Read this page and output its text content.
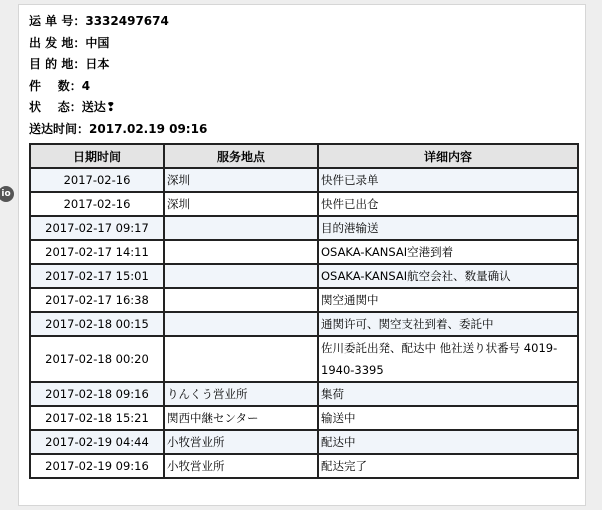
io
运 单 号：3332497674
出 发 地：中国
目 的 地：日本
件    数：4
状    态：送达❢
送达时间：2017.02.19 09:16
日期时间	服务地点	详细内容
2017-02-16	深圳	快件已录单
2017-02-16	深圳	快件已出仓
2017-02-17 09:17		目的港输送
2017-02-17 14:11		OSAKA-KANSAI空港到着
2017-02-17 15:01		OSAKA-KANSAI航空会社、数量确认
2017-02-17 16:38		関空通関中
2017-02-18 00:15		通関许可、関空支社到着、委託中
2017-02-18 00:20		佐川委託出発、配达中 他社送り状番号 4019-1940-3395
2017-02-18 09:16	りんくう営业所	集荷
2017-02-18 15:21	関西中継センター	输送中
2017-02-19 04:44	小牧営业所	配达中
2017-02-19 09:16	小牧営业所	配达完了
